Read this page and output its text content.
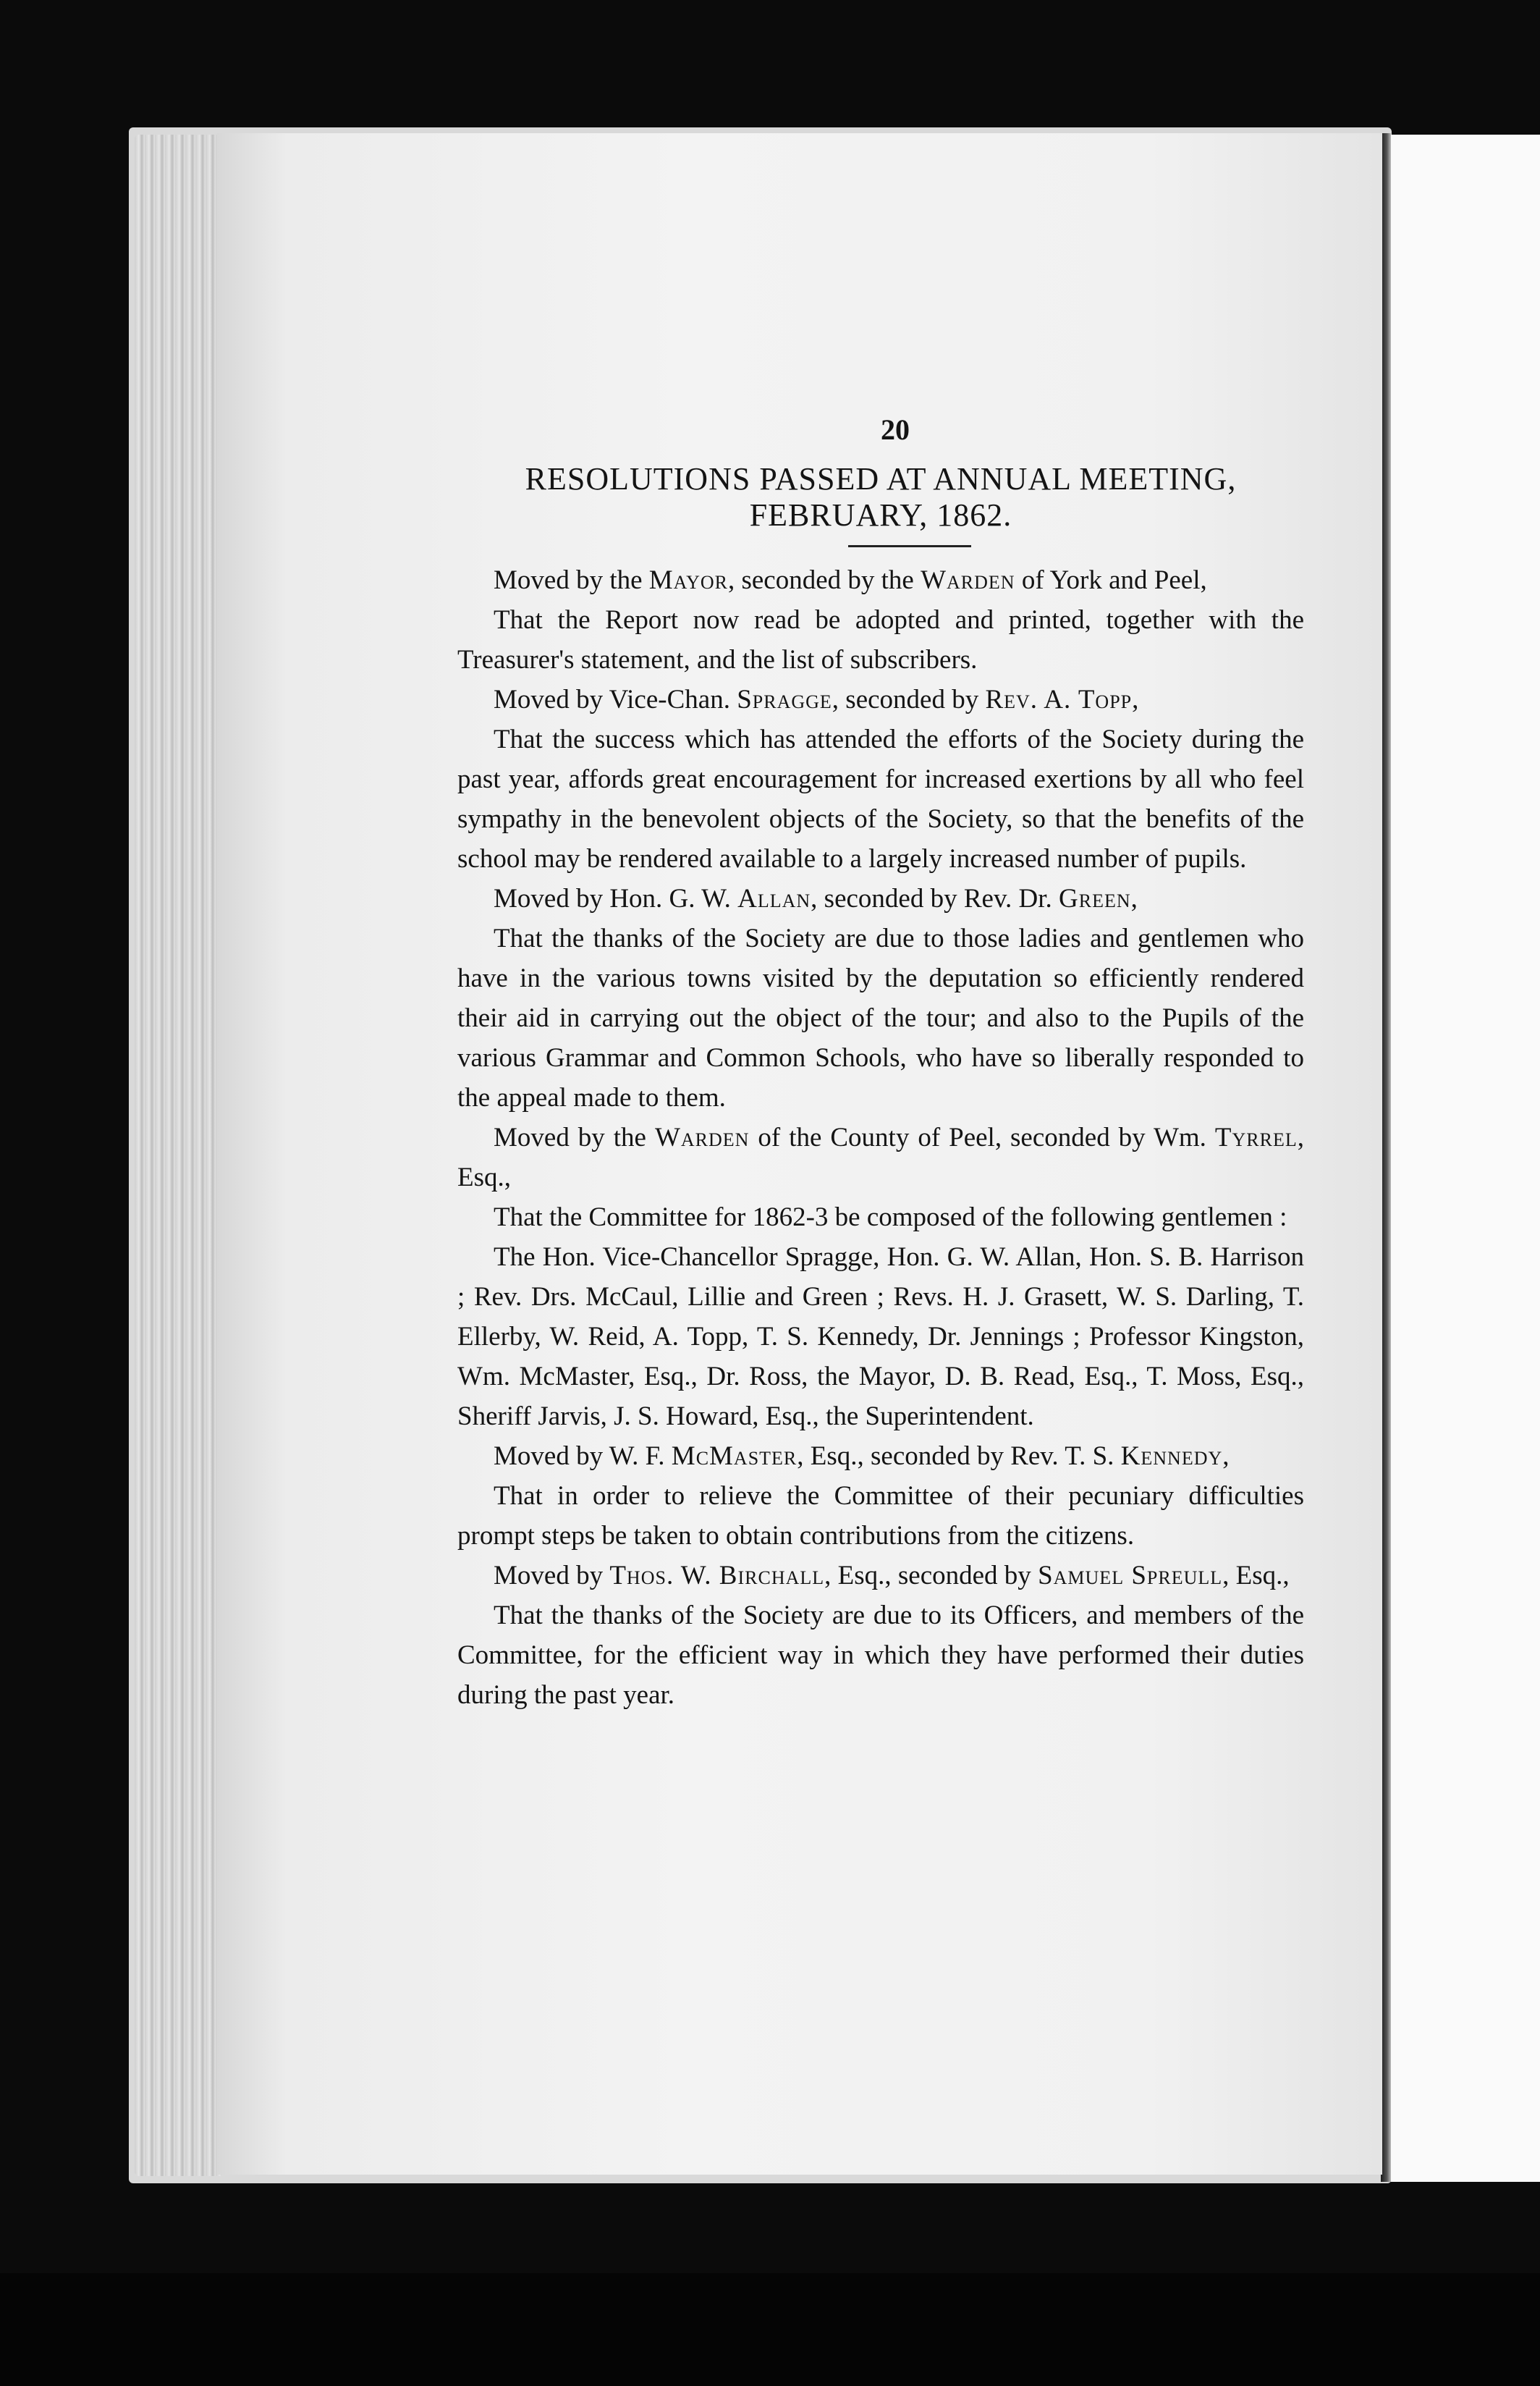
20

RESOLUTIONS PASSED AT ANNUAL MEETING,

FEBRUARY, 1862.

Moved by the Mayor, seconded by the Warden of York and Peel,

That the Report now read be adopted and printed, together with the Treasurer's statement, and the list of subscribers.

Moved by Vice-Chan. Spragge, seconded by Rev. A. Topp,

That the success which has attended the efforts of the Society during the past year, affords great encouragement for increased exertions by all who feel sympathy in the benevolent objects of the Society, so that the benefits of the school may be rendered available to a largely increased number of pupils.

Moved by Hon. G. W. Allan, seconded by Rev. Dr. Green,

That the thanks of the Society are due to those ladies and gentlemen who have in the various towns visited by the deputation so efficiently rendered their aid in carrying out the object of the tour; and also to the Pupils of the various Grammar and Common Schools, who have so liberally responded to the appeal made to them.

Moved by the Warden of the County of Peel, seconded by Wm. Tyrrel, Esq.,

That the Committee for 1862-3 be composed of the following gentlemen :

The Hon. Vice-Chancellor Spragge, Hon. G. W. Allan, Hon. S. B. Harrison ; Rev. Drs. McCaul, Lillie and Green ; Revs. H. J. Grasett, W. S. Darling, T. Ellerby, W. Reid, A. Topp, T. S. Kennedy, Dr. Jennings ; Professor Kingston, Wm. McMaster, Esq., Dr. Ross, the Mayor, D. B. Read, Esq., T. Moss, Esq., Sheriff Jarvis, J. S. Howard, Esq., the Superintendent.

Moved by W. F. McMaster, Esq., seconded by Rev. T. S. Kennedy,

That in order to relieve the Committee of their pecuniary difficulties prompt steps be taken to obtain contributions from the citizens.

Moved by Thos. W. Birchall, Esq., seconded by Samuel Spreull, Esq.,

That the thanks of the Society are due to its Officers, and members of the Committee, for the efficient way in which they have performed their duties during the past year.
